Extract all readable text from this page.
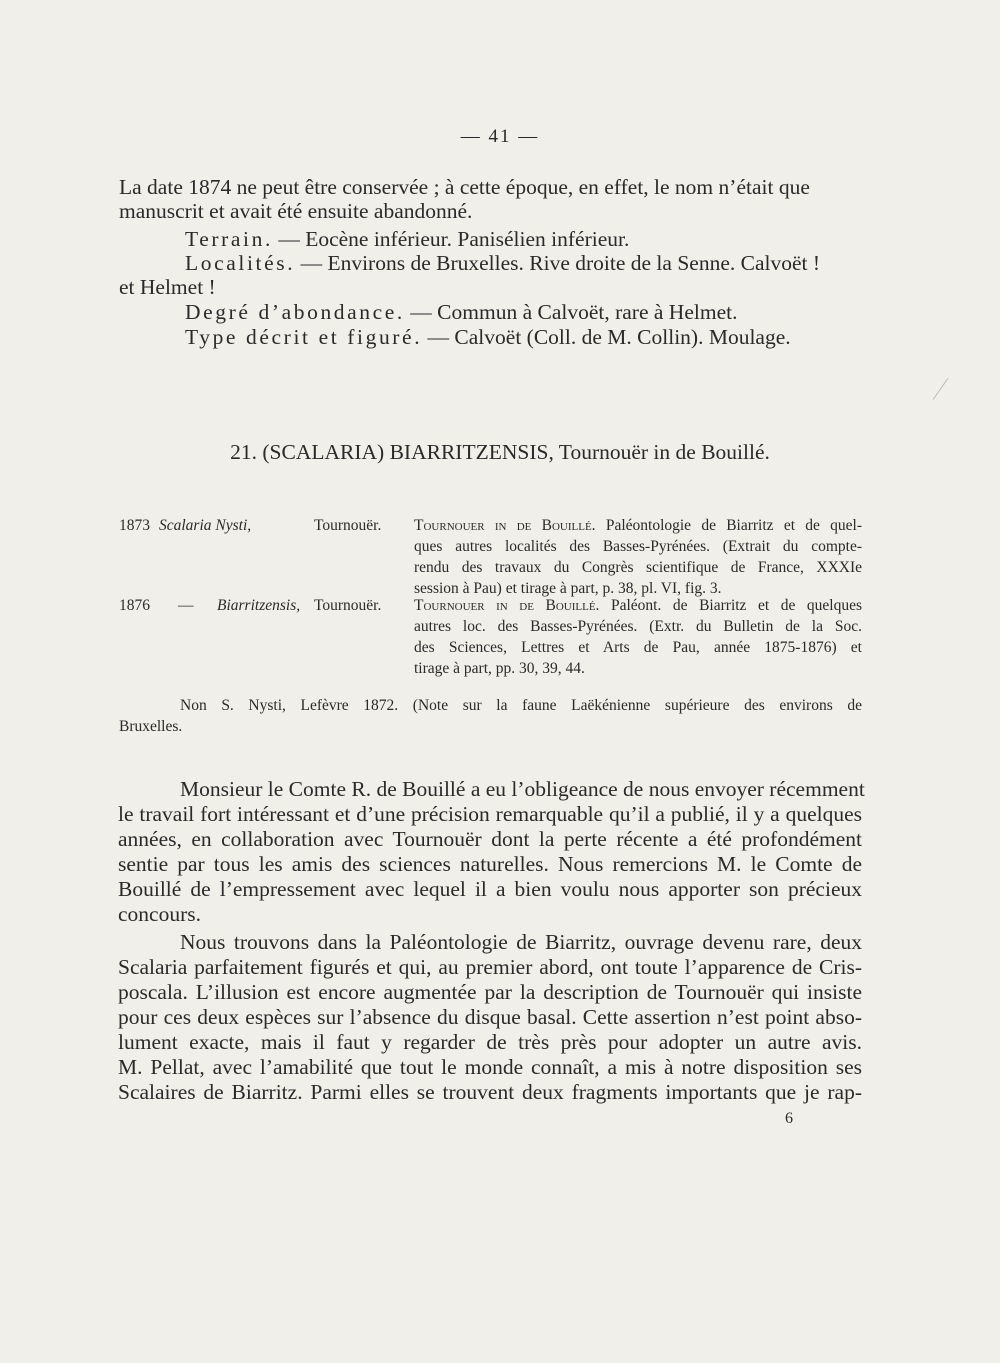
— 41 —
La date 1874 ne peut être conservée ; à cette époque, en effet, le nom n’était que
manuscrit et avait été ensuite abandonné.
Terrain. — Eocène inférieur. Panisélien inférieur.
Localités. — Environs de Bruxelles. Rive droite de la Senne. Calvoët !
et Helmet !
Degré d’abondance. — Commun à Calvoët, rare à Helmet.
Type décrit et figuré. — Calvoët (Coll. de M. Collin). Moulage.
21. (SCALARIA) BIARRITZENSIS, Tournouër in de Bouillé.
1873 Scalaria Nysti,	Tournouër. Tournouer in de Bouillé. Paléontologie de Biarritz et de quel-

ques autres localités des Basses-Pyrénées. (Extrait du compte-

rendu des travaux du Congrès scientifique de France, XXXIe

session à Pau) et tirage à part, p. 38, pl. VI, fig. 3.

1876 — Biarritzensis, Tournouër. Tournouer in de Bouillé. Paléont. de Biarritz et de quelques

autres loc. des Basses-Pyrénées. (Extr. du Bulletin de la Soc.

des Sciences, Lettres et Arts de Pau, année 1875-1876) et

tirage à part, pp. 30, 39, 44.

Non S. Nysti, Lefèvre 1872. (Note sur la faune Laëkénienne supérieure des environs de
Bruxelles.

Monsieur le Comte R. de Bouillé a eu l’obligeance de nous envoyer récemment

le travail fort intéressant et d’une précision remarquable qu’il a publié, il y a quelques

années, en collaboration avec Tournouër dont la perte récente a été profondément

sentie par tous les amis des sciences naturelles. Nous remercions M. le Comte de

Bouillé de l’empressement avec lequel il a bien voulu nous apporter son précieux

concours.

Nous trouvons dans la Paléontologie de Biarritz, ouvrage devenu rare, deux

Scalaria parfaitement figurés et qui, au premier abord, ont toute l’apparence de Cris-

poscala. L’illusion est encore augmentée par la description de Tournouër qui insiste

pour ces deux espèces sur l’absence du disque basal. Cette assertion n’est point abso-

lument exacte, mais il faut y regarder de très près pour adopter un autre avis.

M. Pellat, avec l’amabilité que tout le monde connaît, a mis à notre disposition ses

Scalaires de Biarritz. Parmi elles se trouvent deux fragments importants que je rap-

6
